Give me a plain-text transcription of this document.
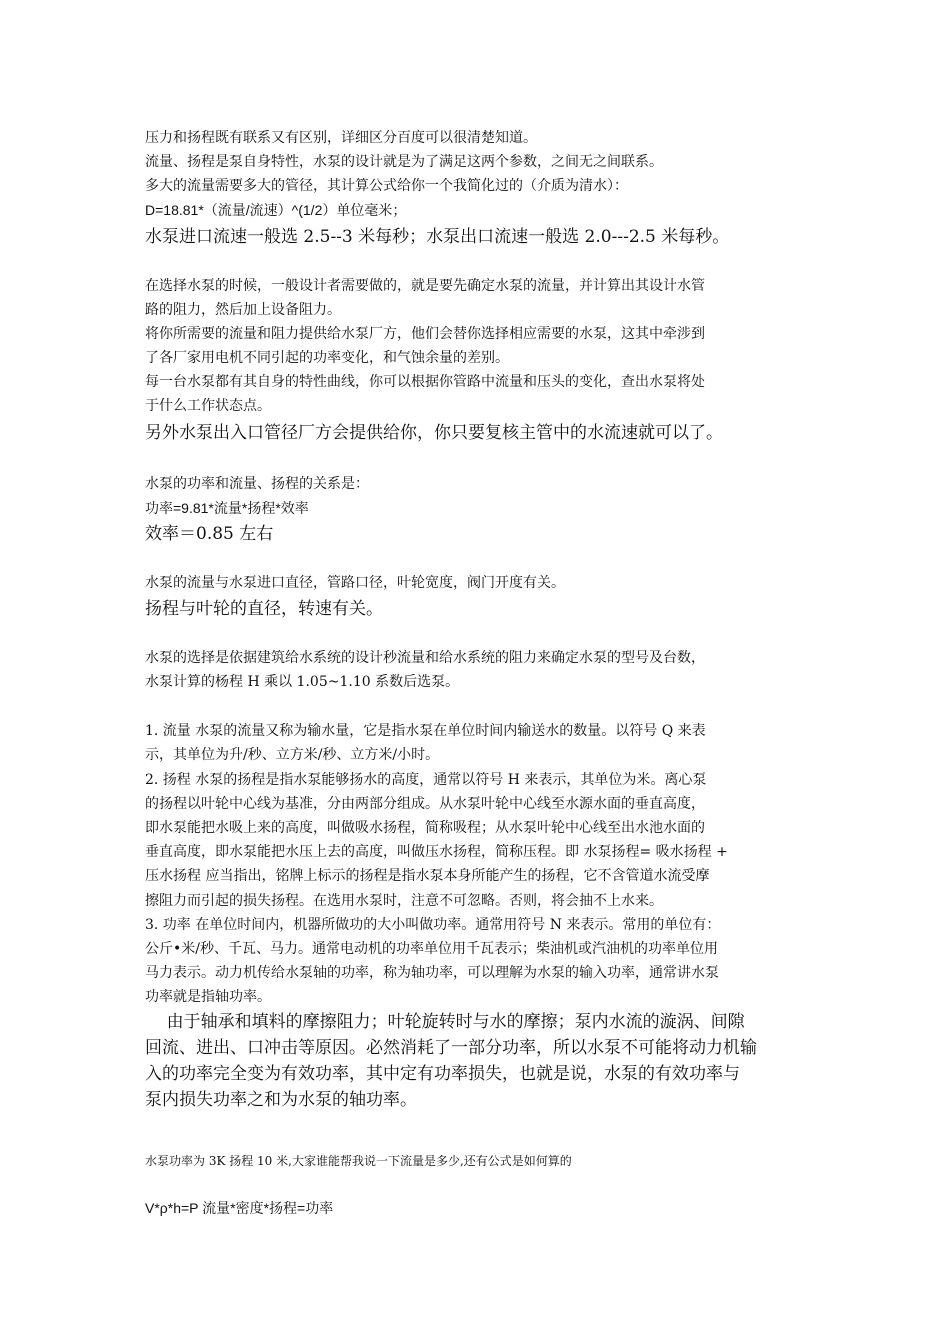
压力和扬程既有联系又有区别，详细区分百度可以很清楚知道。
流量、扬程是泵自身特性，水泵的设计就是为了满足这两个参数，之间无之间联系。
多大的流量需要多大的管径，其计算公式给你一个我简化过的（介质为清水）：
D=18.81*（流量/流速）^(1/2）单位毫米；
水泵进口流速一般选 2.5--3 米每秒；水泵出口流速一般选 2.0---2.5 米每秒。
在选择水泵的时候，一般设计者需要做的，就是要先确定水泵的流量，并计算出其设计水管
路的阻力，然后加上设备阻力。
将你所需要的流量和阻力提供给水泵厂方，他们会替你选择相应需要的水泵，这其中牵涉到
了各厂家用电机不同引起的功率变化，和气蚀余量的差别。
每一台水泵都有其自身的特性曲线，你可以根据你管路中流量和压头的变化，查出水泵将处
于什么工作状态点。
另外水泵出入口管径厂方会提供给你，你只要复核主管中的水流速就可以了。
水泵的功率和流量、扬程的关系是：
功率=9.81*流量*扬程*效率
效率＝0.85 左右
水泵的流量与水泵进口直径，管路口径，叶轮宽度，阀门开度有关。
扬程与叶轮的直径，转速有关。
水泵的选择是依据建筑给水系统的设计秒流量和给水系统的阻力来确定水泵的型号及台数，
水泵计算的杨程 H 乘以 1.05~1.10 系数后选泵。
1. 流量 水泵的流量又称为输水量，它是指水泵在单位时间内输送水的数量。以符号 Q 来表
示，其单位为升/秒、立方米/秒、立方米/小时。
2. 扬程 水泵的扬程是指水泵能够扬水的高度，通常以符号 H 来表示，其单位为米。离心泵
的扬程以叶轮中心线为基准，分由两部分组成。从水泵叶轮中心线至水源水面的垂直高度，
即水泵能把水吸上来的高度，叫做吸水扬程，简称吸程；从水泵叶轮中心线至出水池水面的
垂直高度，即水泵能把水压上去的高度，叫做压水扬程，简称压程。即 水泵扬程= 吸水扬程 +
压水扬程 应当指出，铭牌上标示的扬程是指水泵本身所能产生的扬程，它不含管道水流受摩
擦阻力而引起的损失扬程。在选用水泵时，注意不可忽略。否则，将会抽不上水来。
3. 功率 在单位时间内，机器所做功的大小叫做功率。通常用符号 N 来表示。常用的单位有：
公斤•米/秒、千瓦、马力。通常电动机的功率单位用千瓦表示；柴油机或汽油机的功率单位用
马力表示。动力机传给水泵轴的功率，称为轴功率，可以理解为水泵的输入功率，通常讲水泵
功率就是指轴功率。
由于轴承和填料的摩擦阻力；叶轮旋转时与水的摩擦；泵内水流的漩涡、间隙
回流、进出、口冲击等原因。必然消耗了一部分功率，所以水泵不可能将动力机输
入的功率完全变为有效功率，其中定有功率损失，也就是说，水泵的有效功率与
泵内损失功率之和为水泵的轴功率。
水泵功率为 3K 扬程 10 米,大家谁能帮我说一下流量是多少,还有公式是如何算的
V*ρ*h=P 流量*密度*扬程=功率
